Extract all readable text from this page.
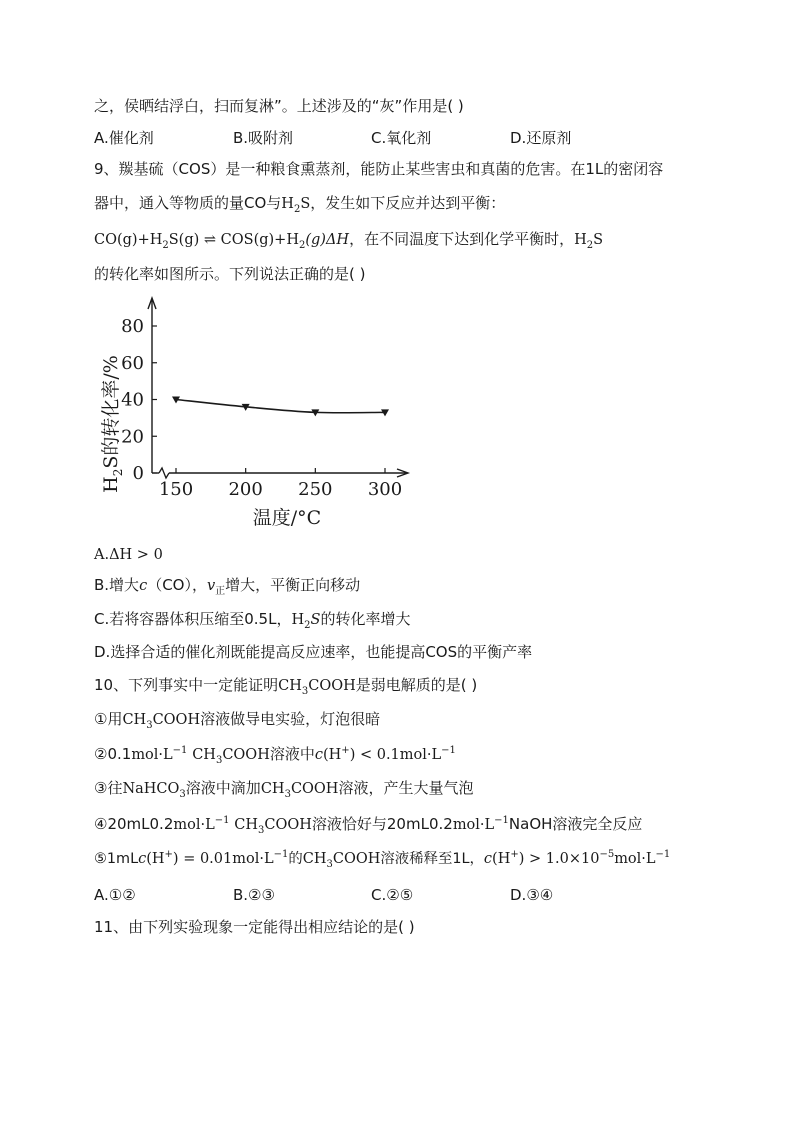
之，侯晒结浮白，扫而复淋”。上述涉及的“灰”作用是( )
A.催化剂	B.吸附剂	C.氧化剂	D.还原剂
9、羰基硫（COS）是一种粮食熏蒸剂，能防止某些害虫和真菌的危害。在1L的密闭容
器中，通入等物质的量CO与$H_2S$，发生如下反应并达到平衡：
$CO(g)+H_2S(g)$ ⇌ $COS(g)+H_2(g)\Delta H$，在不同温度下达到化学平衡时，$H_2S$
的转化率如图所示。下列说法正确的是( )
0
20
40
60
80
150 200 250 300
$H_2S$的转化率/%
温度/°C
A.ΔH > 0
B.增大c（CO），$v_正$增大，平衡正向移动
C.若将容器体积压缩至0.5L，$H_2S$的转化率增大
D.选择合适的催化剂既能提高反应速率，也能提高COS的平衡产率
10、下列事实中一定能证明$CH_3COOH$是弱电解质的是( )
①用$CH_3COOH$溶液做导电实验，灯泡很暗
$②0.1mol\cdot L^{-1}$ $CH_3COOH$溶液中$c(H^+) < 0.1mol\cdot L^{-1}$
③往NaHCO$_3$溶液中滴加$CH_3COOH$溶液，产生大量气泡
$④20mL0.2mol\cdot L^{-1}$ $CH_3COOH$溶液恰好与$20mL0.2mol\cdot L^{-1}NaOH$溶液完全反应
⑤1mLc(H+) = $0.01mol\cdot L^{-1}$的$CH_3COOH$溶液稀释至1L，$c(H^+) > 1.0\times 10^{-5}mol\cdot L^{-1}$
A.①②	B.②③	C.②⑤	D.③④
11、由下列实验现象一定能得出相应结论的是( )
